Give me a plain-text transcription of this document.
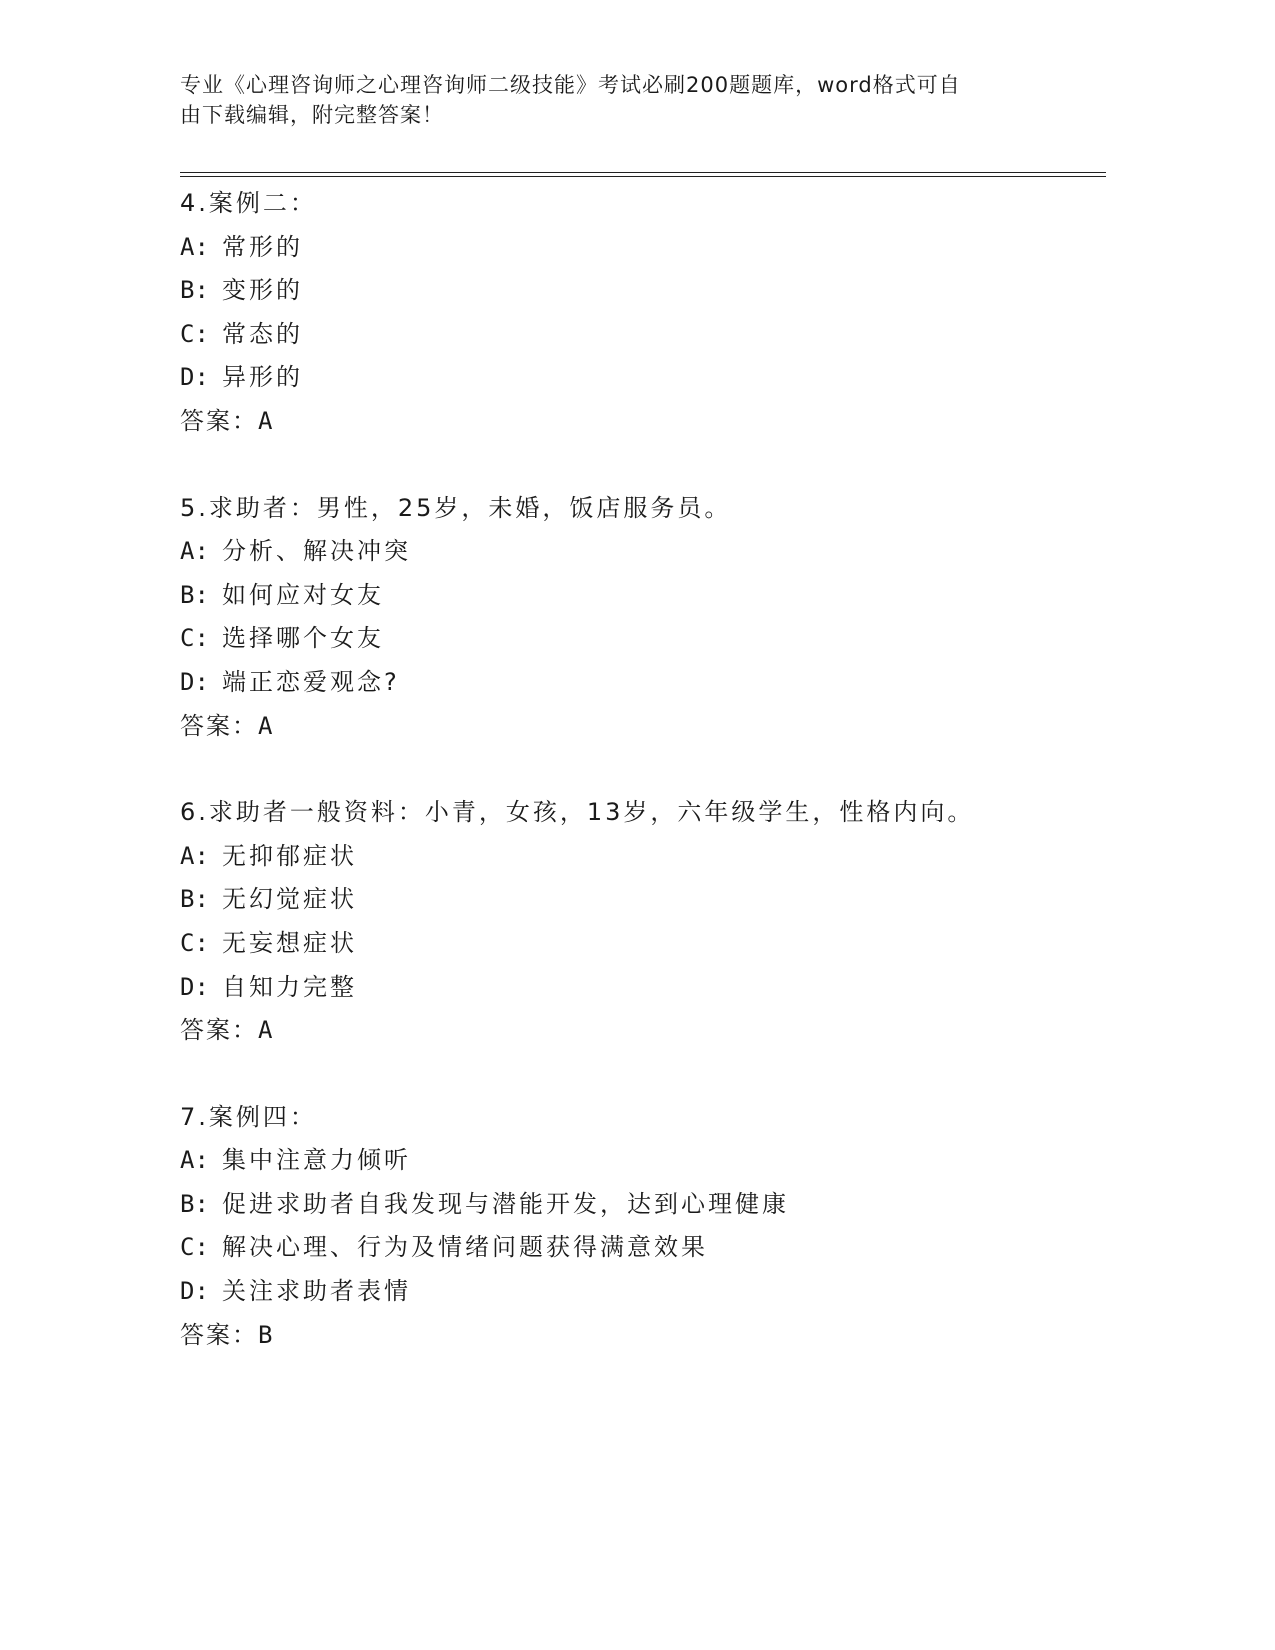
专业《心理咨询师之心理咨询师二级技能》考试必刷200题题库，word格式可自
由下载编辑，附完整答案！
4.案例二：
A: 常形的
B: 变形的
C: 常态的
D: 异形的
答案：A
5.求助者：男性，25岁，未婚，饭店服务员。
A: 分析、解决冲突
B: 如何应对女友
C: 选择哪个女友
D: 端正恋爱观念?
答案：A
6.求助者一般资料：小青，女孩，13岁，六年级学生，性格内向。
A: 无抑郁症状
B: 无幻觉症状
C: 无妄想症状
D: 自知力完整
答案：A
7.案例四：
A: 集中注意力倾听
B: 促进求助者自我发现与潜能开发，达到心理健康
C: 解决心理、行为及情绪问题获得满意效果
D: 关注求助者表情
答案：B
